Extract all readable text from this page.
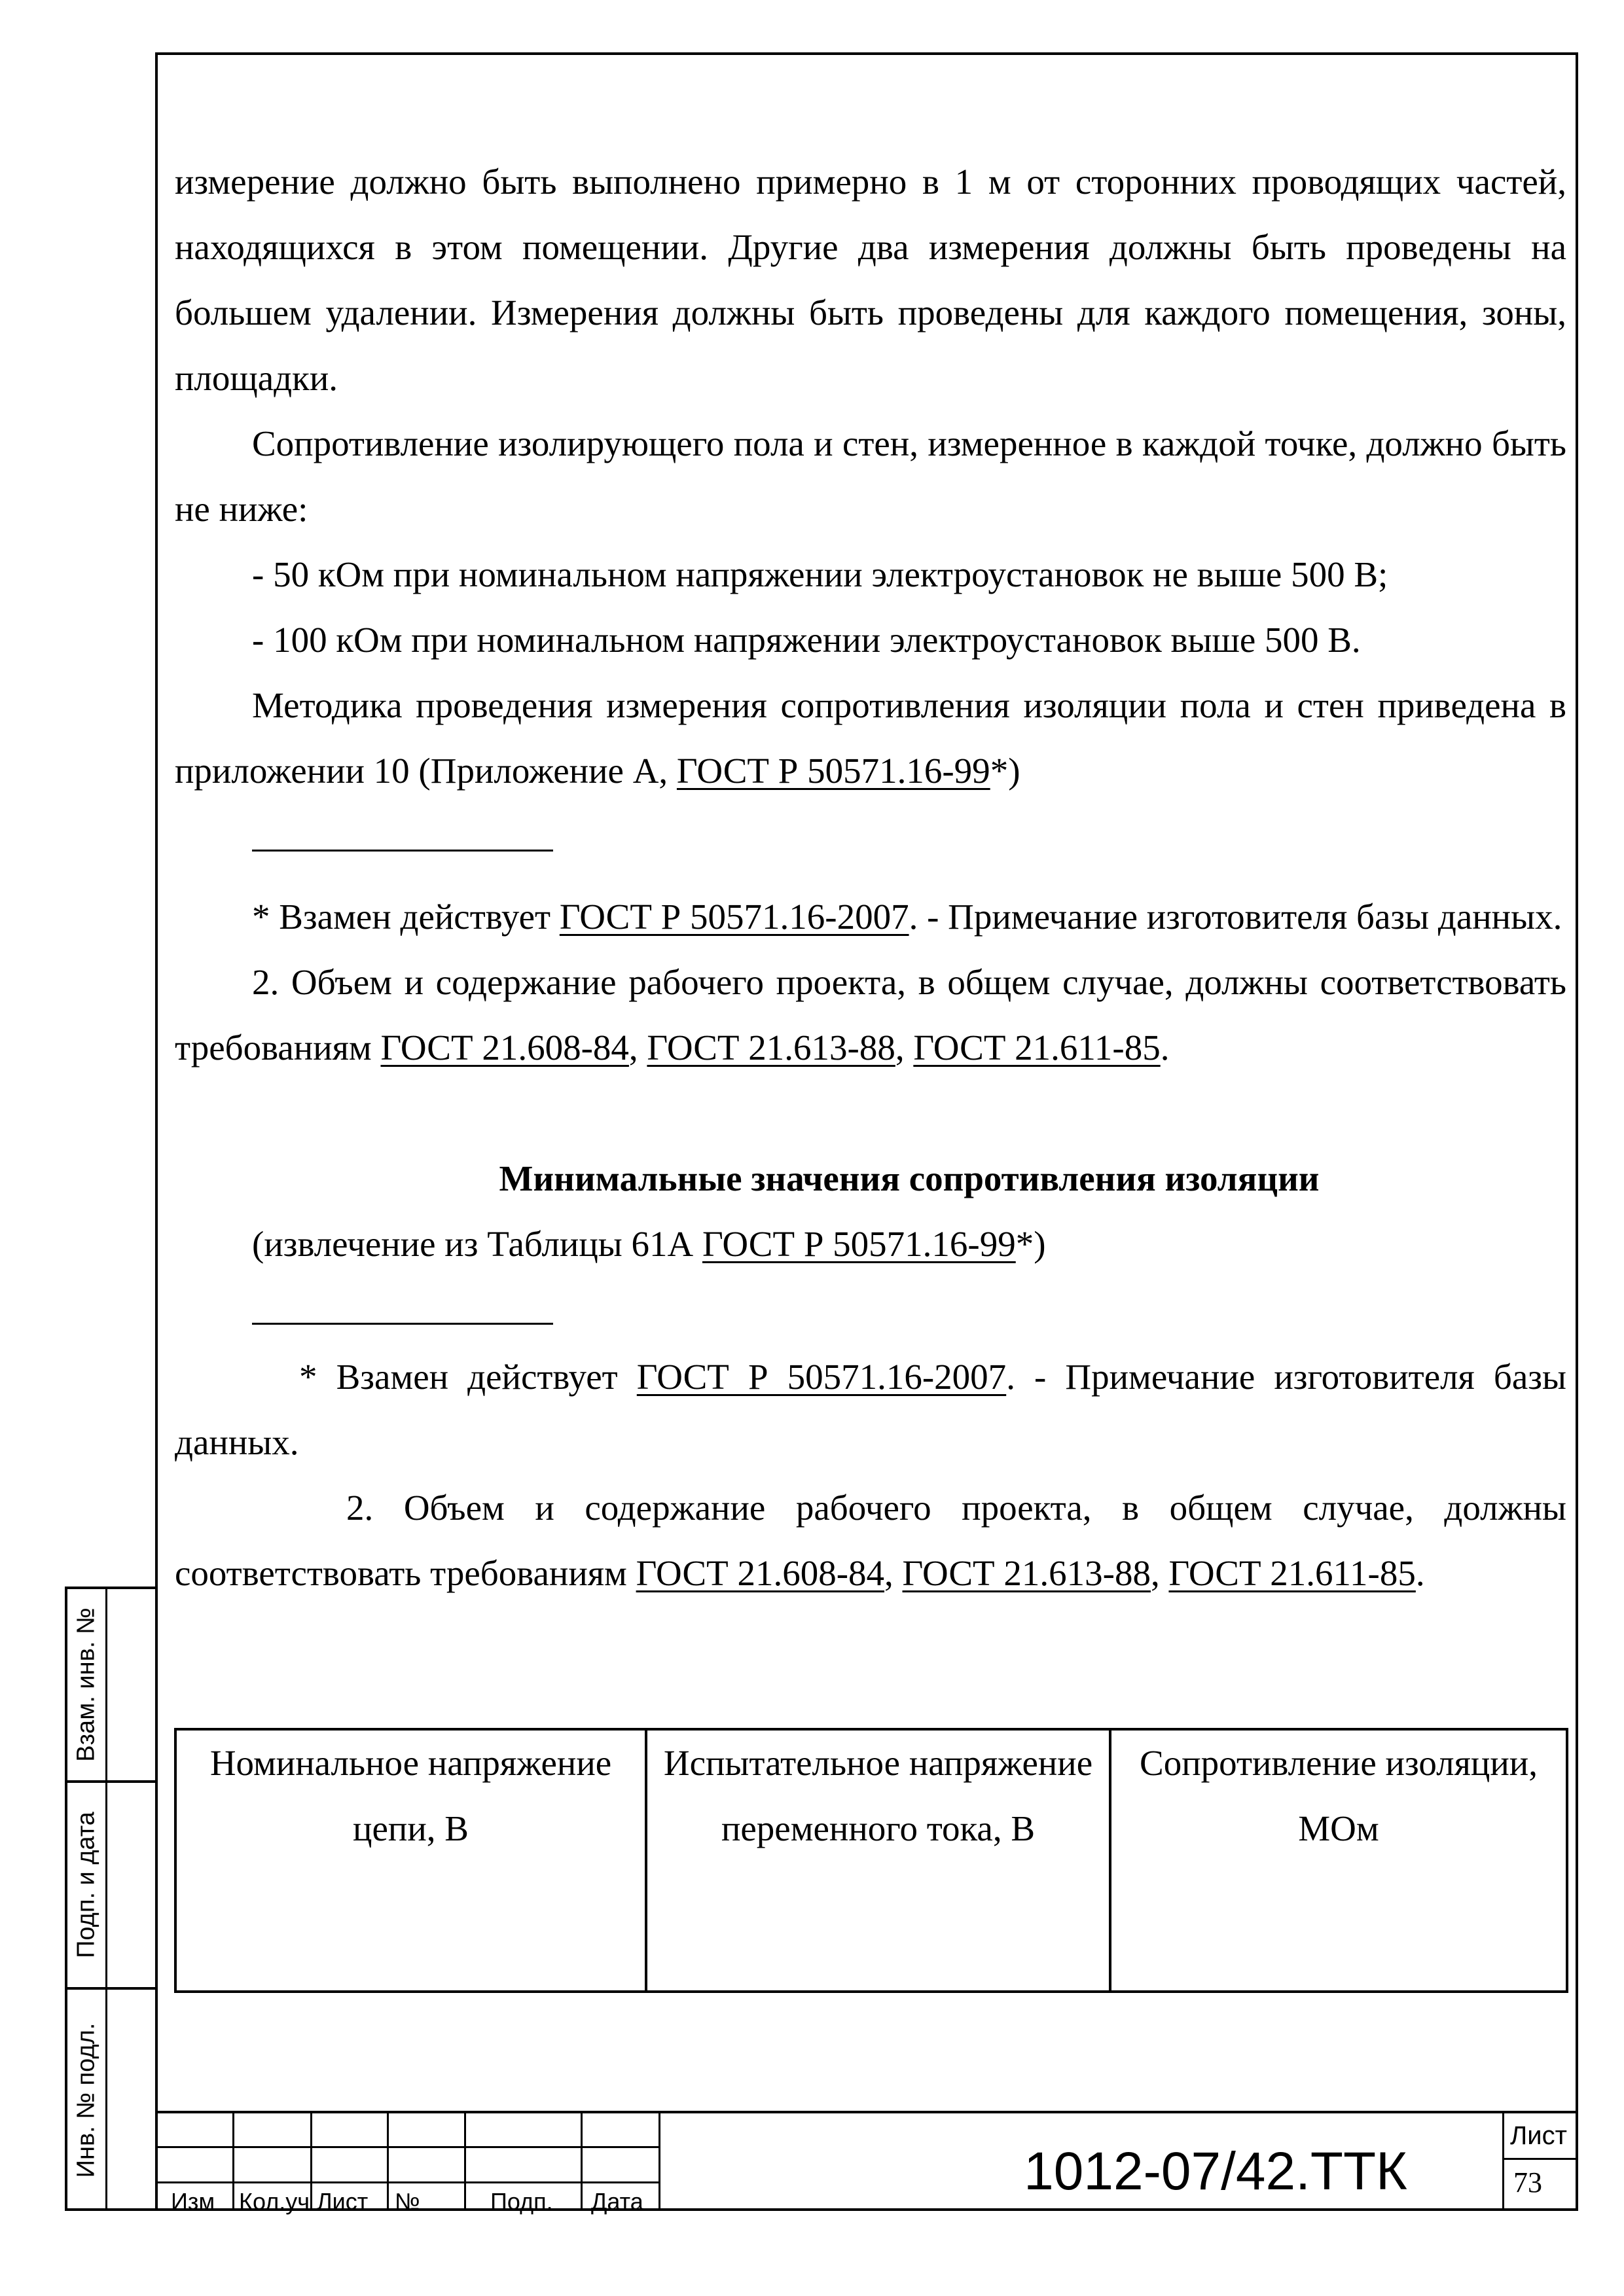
Взам. инв. №
Подп. и дата
Инв. № подл.

измерение должно быть выполнено примерно в 1 м от сторонних проводящих частей, находящихся в этом помещении. Другие два измерения должны быть проведены на большем удалении. Измерения должны быть проведены для каждого помещения, зоны, площадки.

Сопротивление изолирующего пола и стен, измеренное в каждой точке, должно быть не ниже:

- 50 кОм при номинальном напряжении электроустановок не выше 500 В;

- 100 кОм при номинальном напряжении электроустановок выше 500 В.

Методика проведения измерения сопротивления изоляции пола и стен приведена в приложении 10 (Приложение А, ГОСТ Р 50571.16-99*)

* Взамен действует ГОСТ Р 50571.16-2007. - Примечание изготовителя базы данных.

2. Объем и содержание рабочего проекта, в общем случае, должны соответствовать требованиям ГОСТ 21.608-84, ГОСТ 21.613-88, ГОСТ 21.611-85.

Минимальные значения сопротивления изоляции

(извлечение из Таблицы 61А ГОСТ Р 50571.16-99*)

* Взамен действует ГОСТ Р 50571.16-2007. - Примечание изготовителя базы данных.

2. Объем и содержание рабочего проекта, в общем случае, должны соответствовать требованиям ГОСТ 21.608-84, ГОСТ 21.613-88, ГОСТ 21.611-85.

Номинальное напряжение цепи, В	Испытательное напряжение переменного тока, В	Сопротивление изоляции, МОм
Изм Кол.уч Лист №	Подп. Дата
1012-07/42.ТТК
Лист
73
